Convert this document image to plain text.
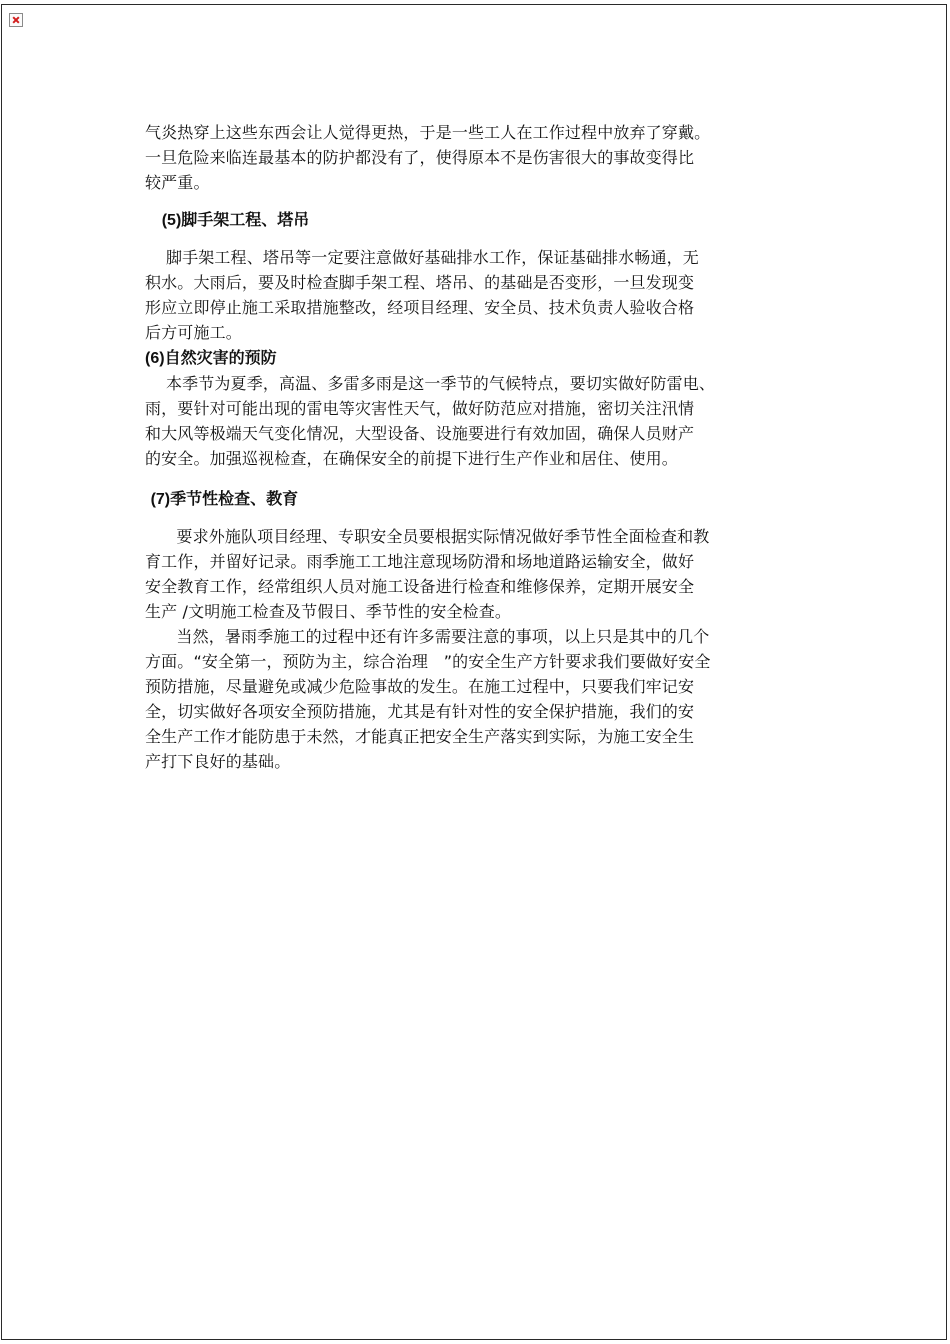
气炎热穿上这些东西会让人觉得更热，于是一些工人在工作过程中放弃了穿戴。
一旦危险来临连最基本的防护都没有了，使得原本不是伤害很大的事故变得比
较严重。

(5)脚手架工程、塔吊

脚手架工程、塔吊等一定要注意做好基础排水工作，保证基础排水畅通，无
积水。大雨后，要及时检查脚手架工程、塔吊、的基础是否变形，一旦发现变
形应立即停止施工采取措施整改，经项目经理、安全员、技术负责人验收合格
后方可施工。

(6)自然灾害的预防

本季节为夏季，高温、多雷多雨是这一季节的气候特点，要切实做好防雷电、
雨，要针对可能出现的雷电等灾害性天气，做好防范应对措施，密切关注汛情
和大风等极端天气变化情况，大型设备、设施要进行有效加固，确保人员财产
的安全。加强巡视检查，在确保安全的前提下进行生产作业和居住、使用。

(7)季节性检查、教育

要求外施队项目经理、专职安全员要根据实际情况做好季节性全面检查和教
育工作，并留好记录。雨季施工工地注意现场防滑和场地道路运输安全，做好
安全教育工作，经常组织人员对施工设备进行检查和维修保养，定期开展安全
生产 /文明施工检查及节假日、季节性的安全检查。

当然，暑雨季施工的过程中还有许多需要注意的事项，以上只是其中的几个
方面。“安全第一，预防为主，综合治理   ”的安全生产方针要求我们要做好安全
预防措施，尽量避免或减少危险事故的发生。在施工过程中，只要我们牢记安
全，切实做好各项安全预防措施，尤其是有针对性的安全保护措施，我们的安
全生产工作才能防患于未然，才能真正把安全生产落实到实际，为施工安全生
产打下良好的基础。
